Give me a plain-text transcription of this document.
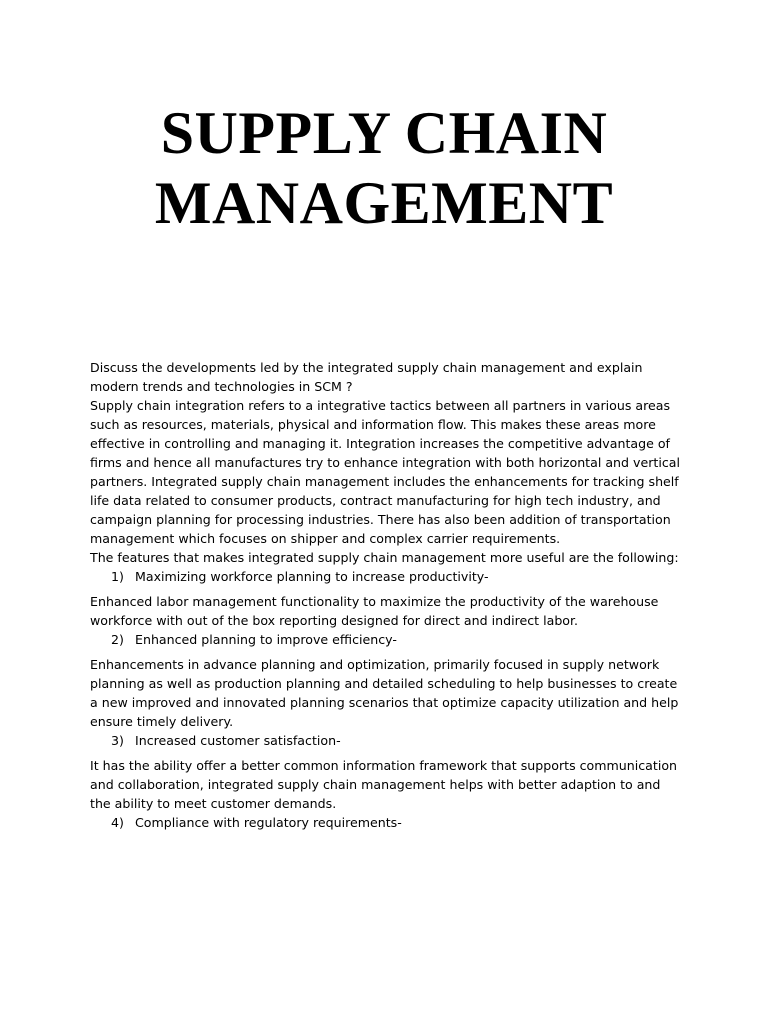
SUPPLY CHAIN
MANAGEMENT

Discuss the developments led by the integrated supply chain management and explain modern trends and technologies in SCM ?

Supply chain integration refers to a integrative tactics between all partners in various areas such as resources, materials, physical and information flow. This makes these areas more effective in controlling and managing it. Integration increases the competitive advantage of firms and hence all manufactures try to enhance integration with both horizontal and vertical partners. Integrated supply chain management includes the enhancements for tracking shelf life data related to consumer products, contract manufacturing for high tech industry, and campaign planning for processing industries. There has also been addition of transportation management which focuses on shipper and complex carrier requirements.

The features that makes integrated supply chain management more useful are the following:

1) Maximizing workforce planning to increase productivity-

Enhanced labor management functionality to maximize the productivity of the warehouse workforce with out of the box reporting designed for direct and indirect labor.

2) Enhanced planning to improve efficiency-

Enhancements in advance planning and optimization, primarily focused in supply network planning as well as production planning and detailed scheduling to help businesses to create a new improved and innovated planning scenarios that optimize capacity utilization and help ensure timely delivery.

3) Increased customer satisfaction-

It has the ability offer a better common information framework that supports communication and collaboration, integrated supply chain management helps with better adaption to and the ability to meet customer demands.

4) Compliance with regulatory requirements-
